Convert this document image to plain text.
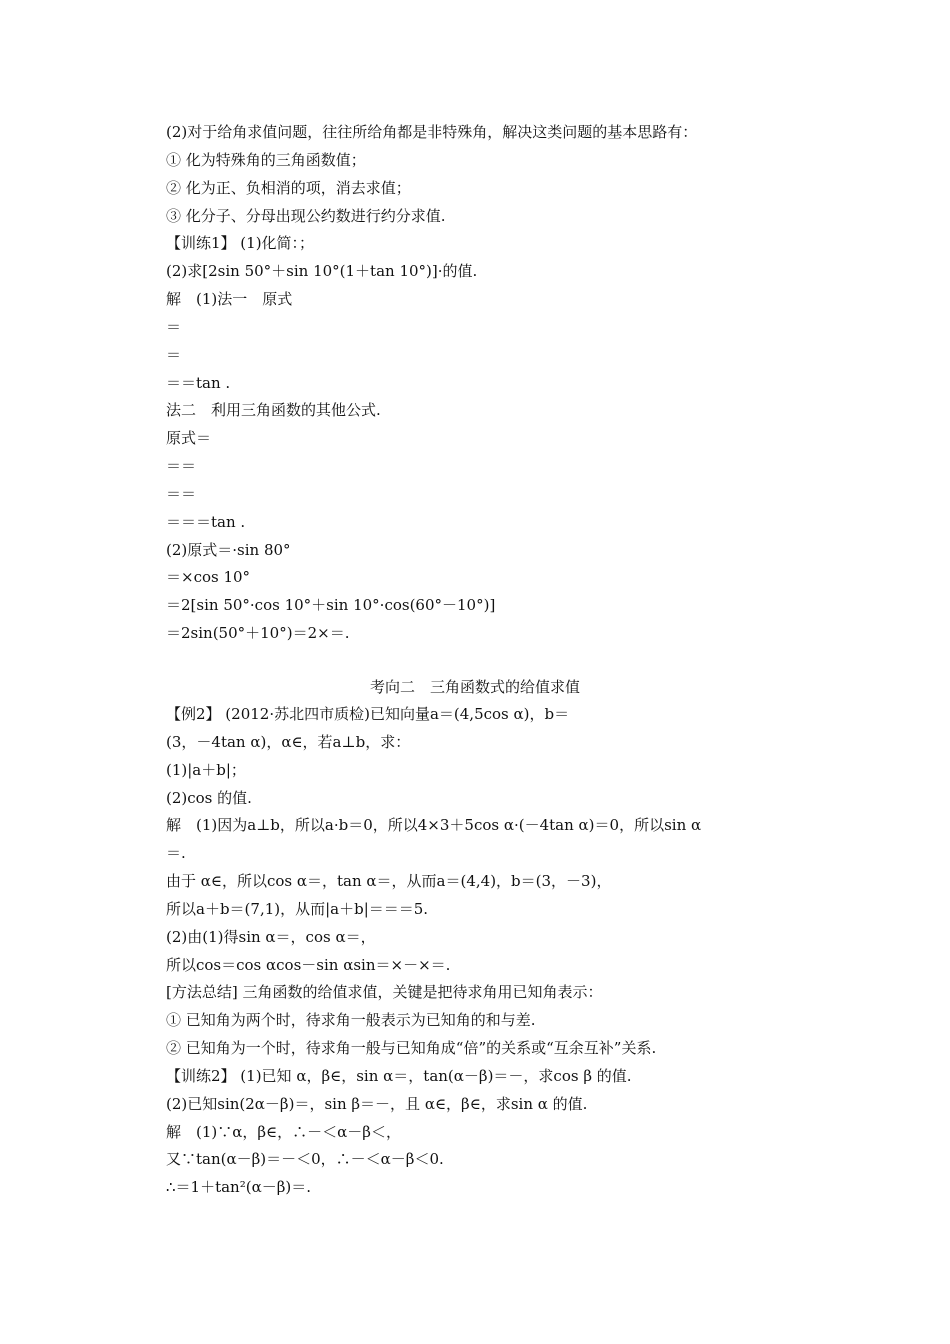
(2)对于给角求值问题，往往所给角都是非特殊角，解决这类问题的基本思路有：
① 化为特殊角的三角函数值；
② 化为正、负相消的项，消去求值；
③ 化分子、分母出现公约数进行约分求值.
【训练1】 (1)化简：；
(2)求[2sin 50°＋sin 10°(1＋tan 10°)]·的值.
解　(1)法一　原式
＝
＝
＝＝tan .
法二　利用三角函数的其他公式.
原式＝
＝＝
＝＝
＝＝＝tan .
(2)原式＝·sin 80°
＝×cos 10°
＝2[sin 50°·cos 10°＋sin 10°·cos(60°－10°)]
＝2sin(50°＋10°)＝2×＝.
考向二　三角函数式的给值求值
【例2】 (2012·苏北四市质检)已知向量a＝(4,5cos α)，b＝
(3，－4tan α)，α∈，若a⊥b，求：
(1)|a＋b|；
(2)cos 的值.
解　(1)因为a⊥b，所以a·b＝0，所以4×3＋5cos α·(－4tan α)＝0，所以sin α
＝.
由于 α∈，所以cos α＝，tan α＝，从而a＝(4,4)，b＝(3，－3)，
所以a＋b＝(7,1)，从而|a＋b|＝＝＝5.
(2)由(1)得sin α＝，cos α＝，
所以cos＝cos αcos－sin αsin＝×－×＝.
[方法总结] 三角函数的给值求值，关键是把待求角用已知角表示：
① 已知角为两个时，待求角一般表示为已知角的和与差.
② 已知角为一个时，待求角一般与已知角成“倍”的关系或“互余互补”关系.
【训练2】 (1)已知 α，β∈，sin α＝，tan(α－β)＝－，求cos β 的值.
(2)已知sin(2α－β)＝，sin β＝－，且 α∈，β∈，求sin α 的值.
解　(1)∵α，β∈，∴－＜α－β＜，
又∵tan(α－β)＝－＜0，∴－＜α－β＜0.
∴＝1＋tan²(α－β)＝.
